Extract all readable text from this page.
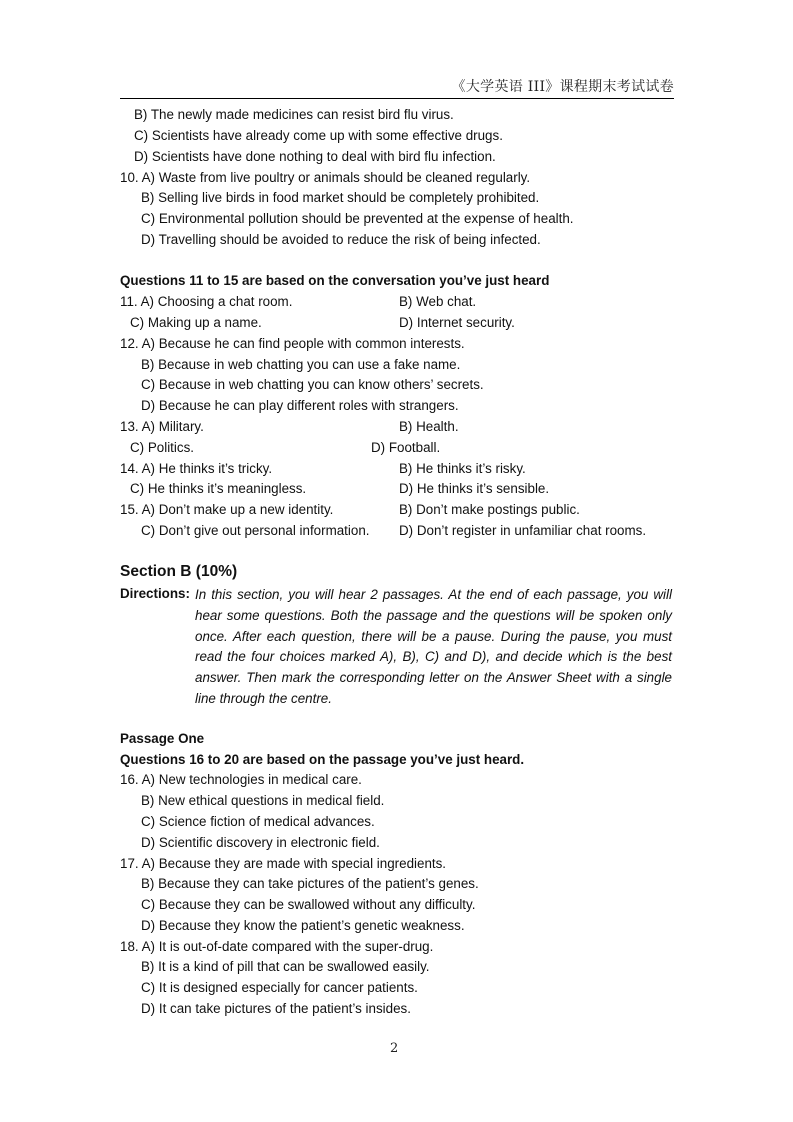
《大学英语 III》课程期末考试试卷
B) The newly made medicines can resist bird flu virus.
C) Scientists have already come up with some effective drugs.
D) Scientists have done nothing to deal with bird flu infection.
10. A) Waste from live poultry or animals should be cleaned regularly.
B) Selling live birds in food market should be completely prohibited.
C) Environmental pollution should be prevented at the expense of health.
D) Travelling should be avoided to reduce the risk of being infected.
Questions 11 to 15 are based on the conversation you’ve just heard
11. A) Choosing a chat room.	B) Web chat.
C) Making up a name.	D) Internet security.
12. A) Because he can find people with common interests.
B) Because in web chatting you can use a fake name.
C) Because in web chatting you can know others’ secrets.
D) Because he can play different roles with strangers.
13. A) Military.	B) Health.
C) Politics.	D) Football.
14. A) He thinks it’s tricky.	B) He thinks it’s risky.
C) He thinks it’s meaningless.	D) He thinks it’s sensible.
15. A) Don’t make up a new identity.	B) Don’t make postings public.
C) Don’t give out personal information. D) Don’t register in unfamiliar chat rooms.
Section B (10%)
Directions: In this section, you will hear 2 passages. At the end of each passage, you will hear some questions. Both the passage and the questions will be spoken only once. After each question, there will be a pause. During the pause, you must read the four choices marked A), B), C) and D), and decide which is the best answer. Then mark the corresponding letter on the Answer Sheet with a single line through the centre.
Passage One
Questions 16 to 20 are based on the passage you’ve just heard.
16. A) New technologies in medical care.
B) New ethical questions in medical field.
C) Science fiction of medical advances.
D) Scientific discovery in electronic field.
17. A) Because they are made with special ingredients.
B) Because they can take pictures of the patient’s genes.
C) Because they can be swallowed without any difficulty.
D) Because they know the patient’s genetic weakness.
18. A) It is out-of-date compared with the super-drug.
B) It is a kind of pill that can be swallowed easily.
C) It is designed especially for cancer patients.
D) It can take pictures of the patient’s insides.
2
